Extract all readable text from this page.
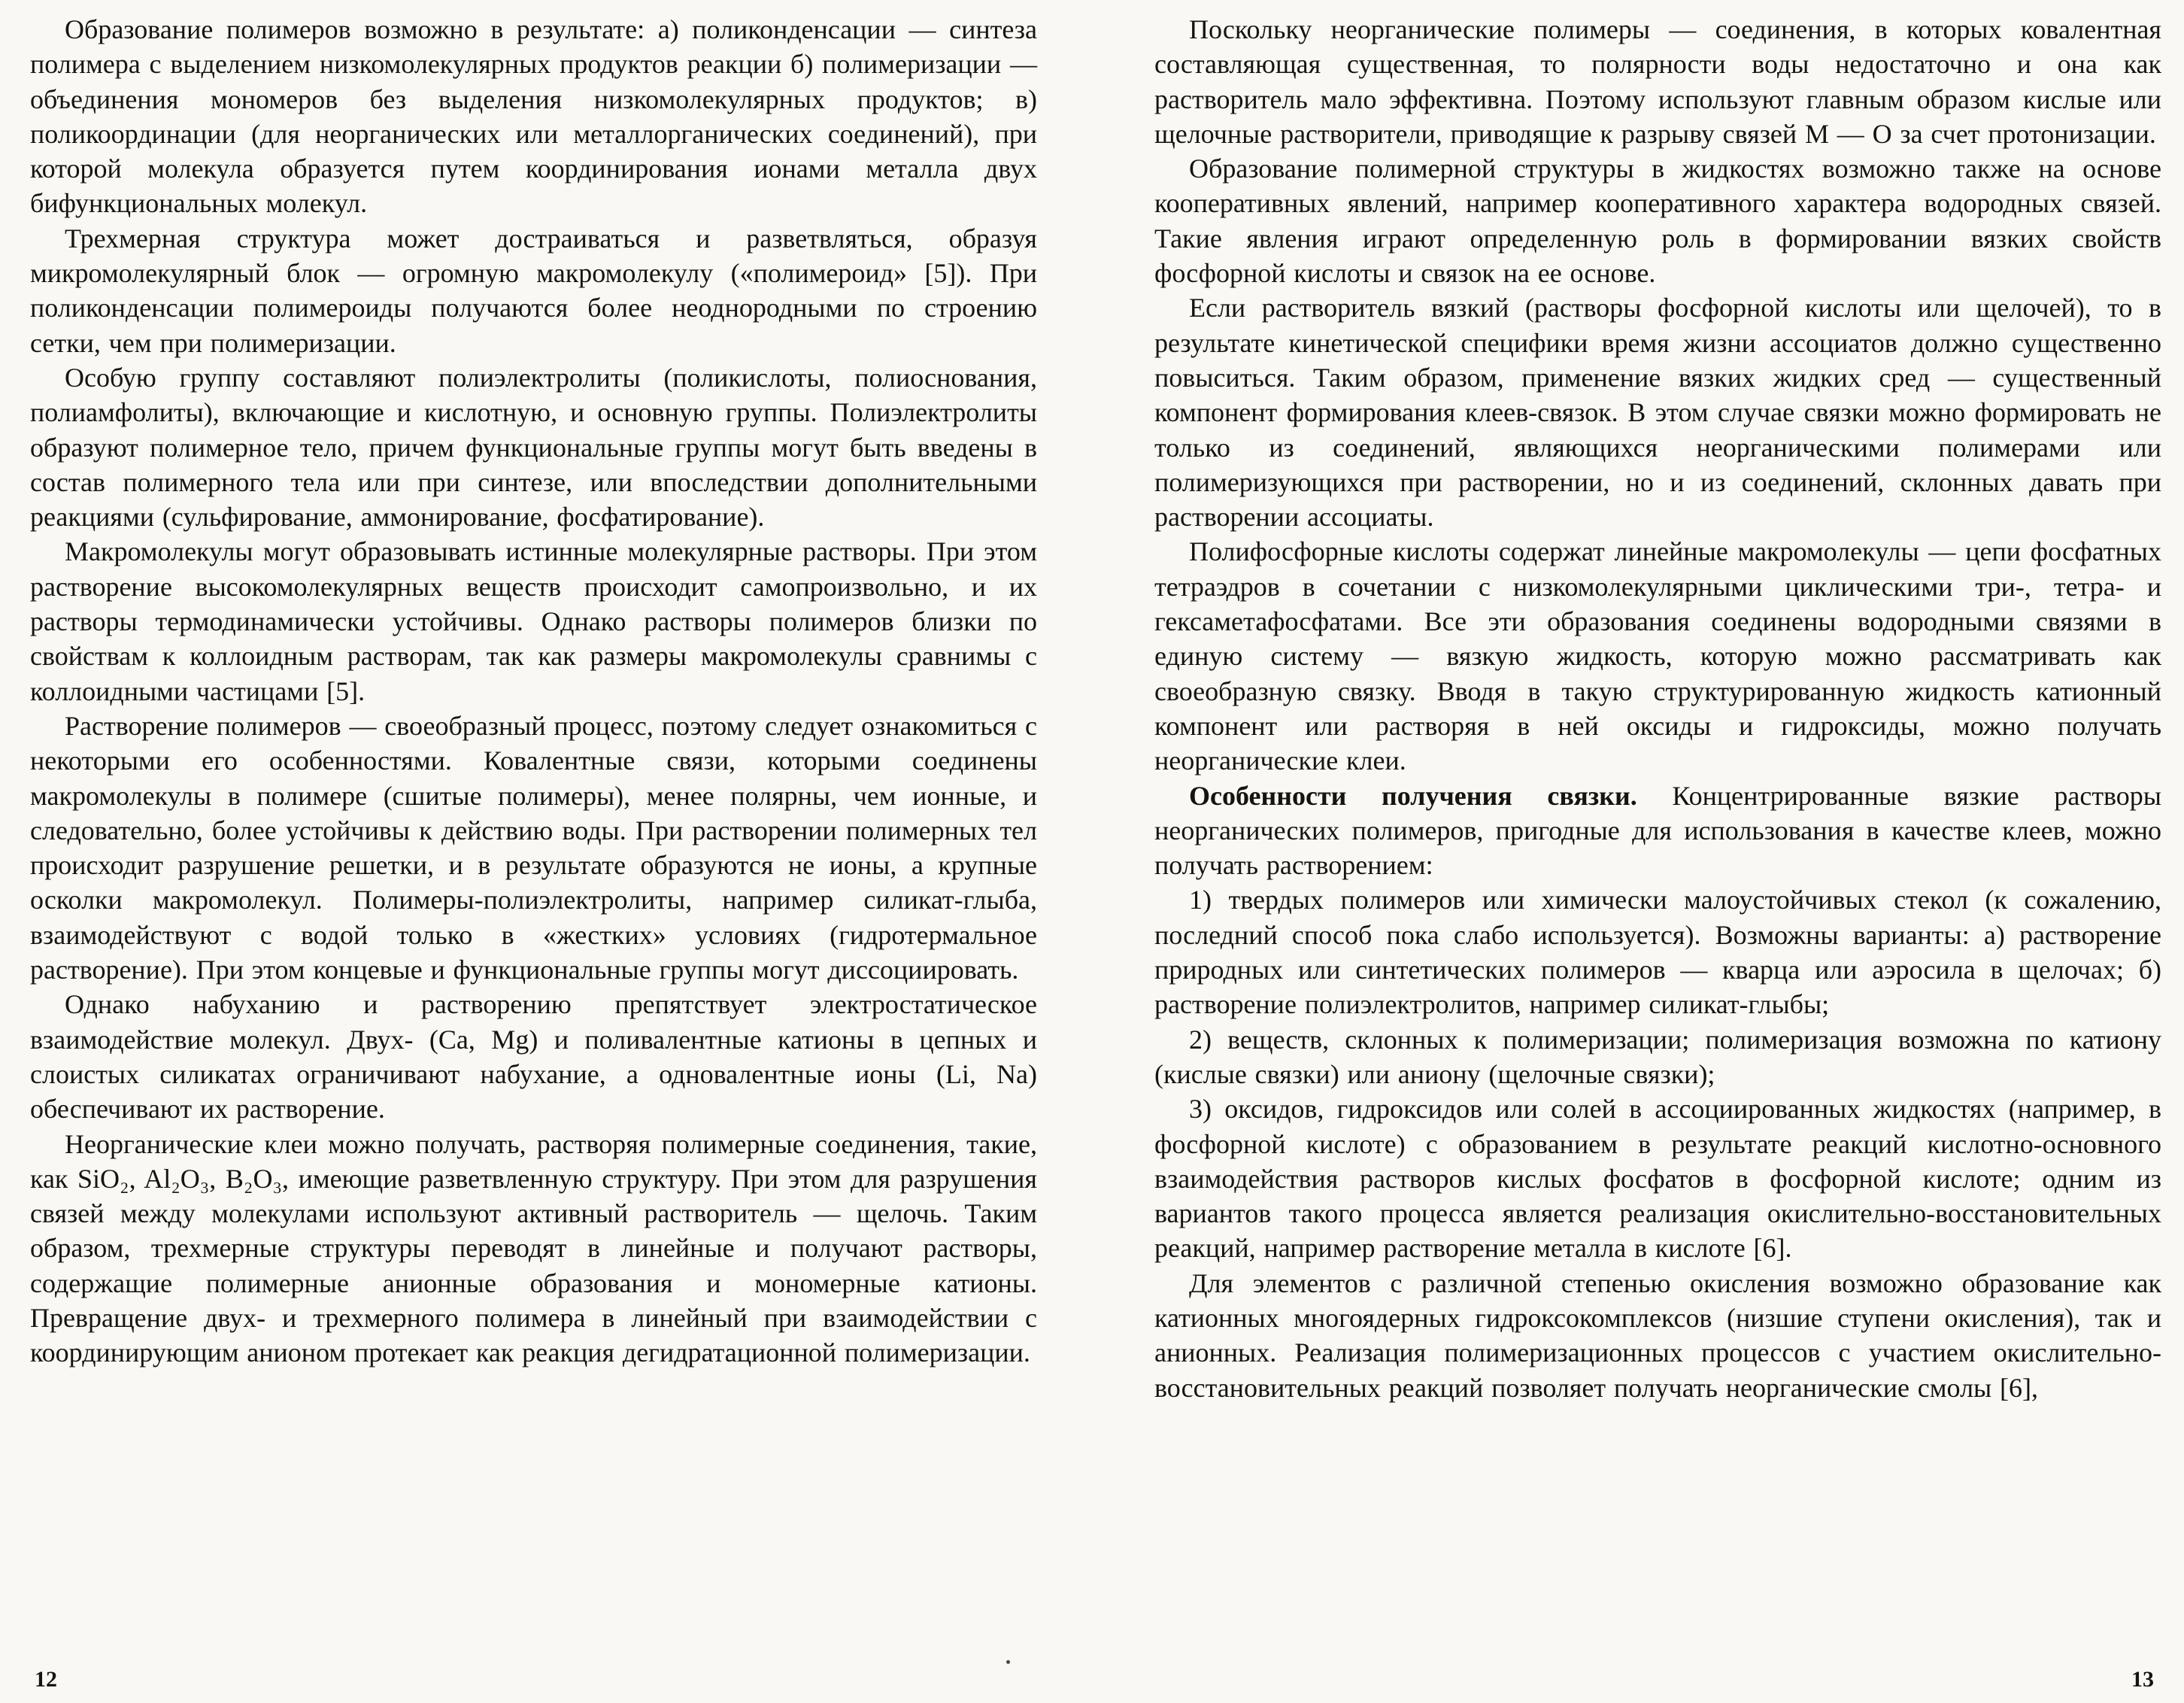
Образование полимеров возможно в результате: а) поликонденсации — синтеза полимера с выделением низкомолекулярных продуктов реакции б) полимеризации — объединения мономеров без выделения низкомолекулярных продуктов; в) поликоординации (для неорганических или металлорганических соединений), при которой молекула образуется путем координирования ионами металла двух бифункциональных молекул.

Трехмерная структура может достраиваться и разветвляться, образуя микромолекулярный блок — огромную макромолекулу («полимероид» [5]). При поликонденсации полимероиды получаются более неоднородными по строению сетки, чем при полимеризации.

Особую группу составляют полиэлектролиты (поликислоты, полиоснования, полиамфолиты), включающие и кислотную, и основную группы. Полиэлектролиты образуют полимерное тело, причем функциональные группы могут быть введены в состав полимерного тела или при синтезе, или впоследствии дополнительными реакциями (сульфирование, аммонирование, фосфатирование).

Макромолекулы могут образовывать истинные молекулярные растворы. При этом растворение высокомолекулярных веществ происходит самопроизвольно, и их растворы термодинамически устойчивы. Однако растворы полимеров близки по свойствам к коллоидным растворам, так как размеры макромолекулы сравнимы с коллоидными частицами [5].

Растворение полимеров — своеобразный процесс, поэтому следует ознакомиться с некоторыми его особенностями. Ковалентные связи, которыми соединены макромолекулы в полимере (сшитые полимеры), менее полярны, чем ионные, и следовательно, более устойчивы к действию воды. При растворении полимерных тел происходит разрушение решетки, и в результате образуются не ионы, а крупные осколки макромолекул. Полимеры-полиэлектролиты, например силикат-глыба, взаимодействуют с водой только в «жестких» условиях (гидротермальное растворение). При этом концевые и функциональные группы могут диссоциировать.

Однако набуханию и растворению препятствует электростатическое взаимодействие молекул. Двух- (Ca, Mg) и поливалентные катионы в цепных и слоистых силикатах ограничивают набухание, а одновалентные ионы (Li, Na) обеспечивают их растворение.

Неорганические клеи можно получать, растворяя полимерные соединения, такие, как SiO₂, Al₂O₃, B₂O₃, имеющие разветвленную структуру. При этом для разрушения связей между молекулами используют активный растворитель — щелочь. Таким образом, трехмерные структуры переводят в линейные и получают растворы, содержащие полимерные анионные образования и мономерные катионы. Превращение двух- и трехмерного полимера в линейный при взаимодействии с координирующим анионом протекает как реакция дегидратационной полимеризации.

Поскольку неорганические полимеры — соединения, в которых ковалентная составляющая существенная, то полярности воды недостаточно и она как растворитель мало эффективна. Поэтому используют главным образом кислые или щелочные растворители, приводящие к разрыву связей М — О за счет протонизации.

Образование полимерной структуры в жидкостях возможно также на основе кооперативных явлений, например кооперативного характера водородных связей. Такие явления играют определенную роль в формировании вязких свойств фосфорной кислоты и связок на ее основе.

Если растворитель вязкий (растворы фосфорной кислоты или щелочей), то в результате кинетической специфики время жизни ассоциатов должно существенно повыситься. Таким образом, применение вязких жидких сред — существенный компонент формирования клеев-связок. В этом случае связки можно формировать не только из соединений, являющихся неорганическими полимерами или полимеризующихся при растворении, но и из соединений, склонных давать при растворении ассоциаты.

Полифосфорные кислоты содержат линейные макромолекулы — цепи фосфатных тетраэдров в сочетании с низкомолекулярными циклическими три-, тетра- и гексаметафосфатами. Все эти образования соединены водородными связями в единую систему — вязкую жидкость, которую можно рассматривать как своеобразную связку. Вводя в такую структурированную жидкость катионный компонент или растворяя в ней оксиды и гидроксиды, можно получать неорганические клеи.

Особенности получения связки. Концентрированные вязкие растворы неорганических полимеров, пригодные для использования в качестве клеев, можно получать растворением:

1) твердых полимеров или химически малоустойчивых стекол (к сожалению, последний способ пока слабо используется). Возможны варианты: а) растворение природных или синтетических полимеров — кварца или аэросила в щелочах; б) растворение полиэлектролитов, например силикат-глыбы;

2) веществ, склонных к полимеризации; полимеризация возможна по катиону (кислые связки) или аниону (щелочные связки);

3) оксидов, гидроксидов или солей в ассоциированных жидкостях (например, в фосфорной кислоте) с образованием в результате реакций кислотно-основного взаимодействия растворов кислых фосфатов в фосфорной кислоте; одним из вариантов такого процесса является реализация окислительно-восстановительных реакций, например растворение металла в кислоте [6].

Для элементов с различной степенью окисления возможно образование как катионных многоядерных гидроксокомплексов (низшие ступени окисления), так и анионных. Реализация полимеризационных процессов с участием окислительно-восстановительных реакций позволяет получать неорганические смолы [6],

12	13
